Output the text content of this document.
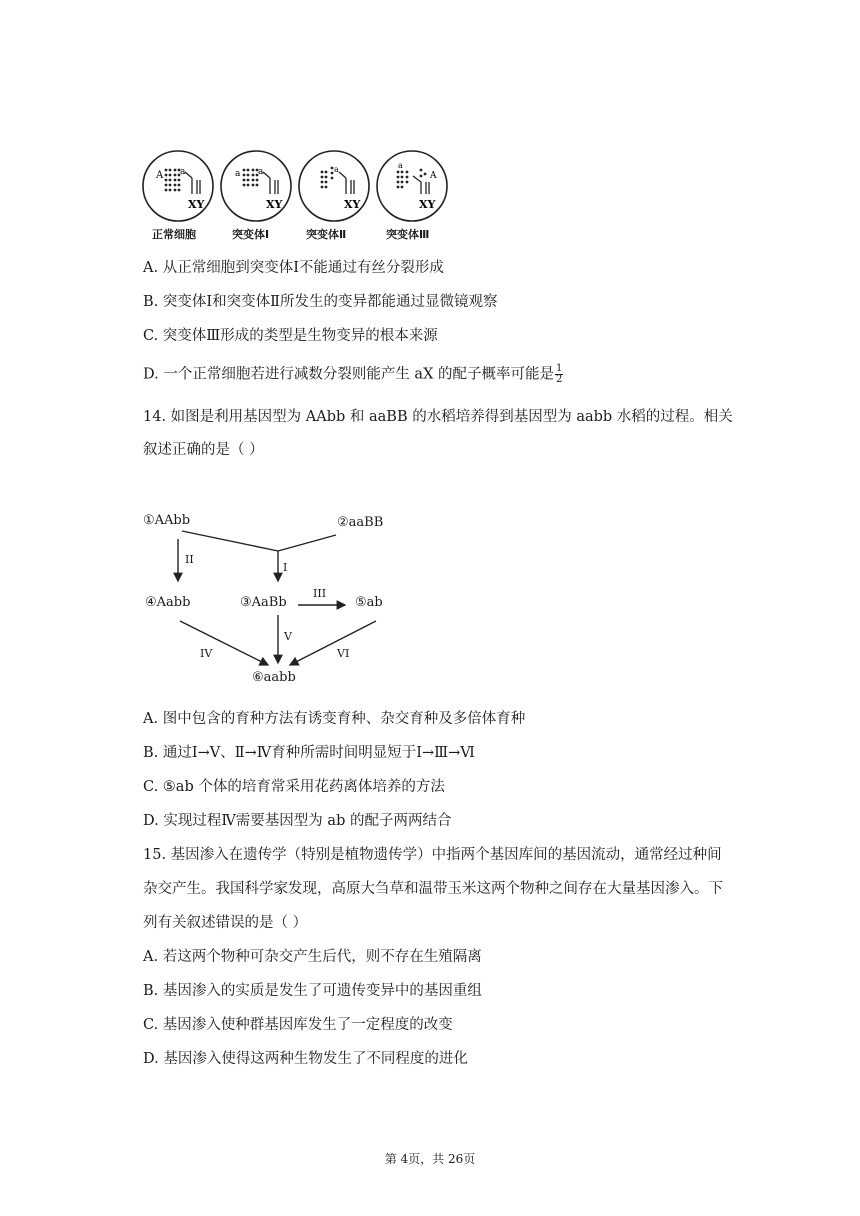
A a
XY
a a
XY
a
XY
a
A
XY
正常细胞	突变体Ⅰ	突变体Ⅱ	突变体Ⅲ
A. 从正常细胞到突变体Ⅰ不能通过有丝分裂形成
B. 突变体Ⅰ和突变体Ⅱ所发生的变异都能通过显微镜观察
C. 突变体Ⅲ形成的类型是生物变异的根本来源
D. 一个正常细胞若进行减数分裂则能产生 aX 的配子概率可能是 $\frac{1}{2}$
14. 如图是利用基因型为 AAbb 和 aaBB 的水稻培养得到基因型为 aabb 水稻的过程。相关
叙述正确的是（ ）
①AAbb	②aaBB
④Aabb	③AaBb	⑤ab
⑥aabb
I
II
III
IV
V
VI
A. 图中包含的育种方法有诱变育种、杂交育种及多倍体育种
B. 通过Ⅰ→Ⅴ、Ⅱ→Ⅳ育种所需时间明显短于Ⅰ→Ⅲ→Ⅵ
C. ⑤ab 个体的培育常采用花药离体培养的方法
D. 实现过程Ⅳ需要基因型为 ab 的配子两两结合
15. 基因渗入在遗传学（特别是植物遗传学）中指两个基因库间的基因流动，通常经过种间
杂交产生。我国科学家发现，高原大刍草和温带玉米这两个物种之间存在大量基因渗入。下
列有关叙述错误的是（ ）
A. 若这两个物种可杂交产生后代，则不存在生殖隔离
B. 基因渗入的实质是发生了可遗传变异中的基因重组
C. 基因渗入使种群基因库发生了一定程度的改变
D. 基因渗入使得这两种生物发生了不同程度的进化
第 4页，共 26页
